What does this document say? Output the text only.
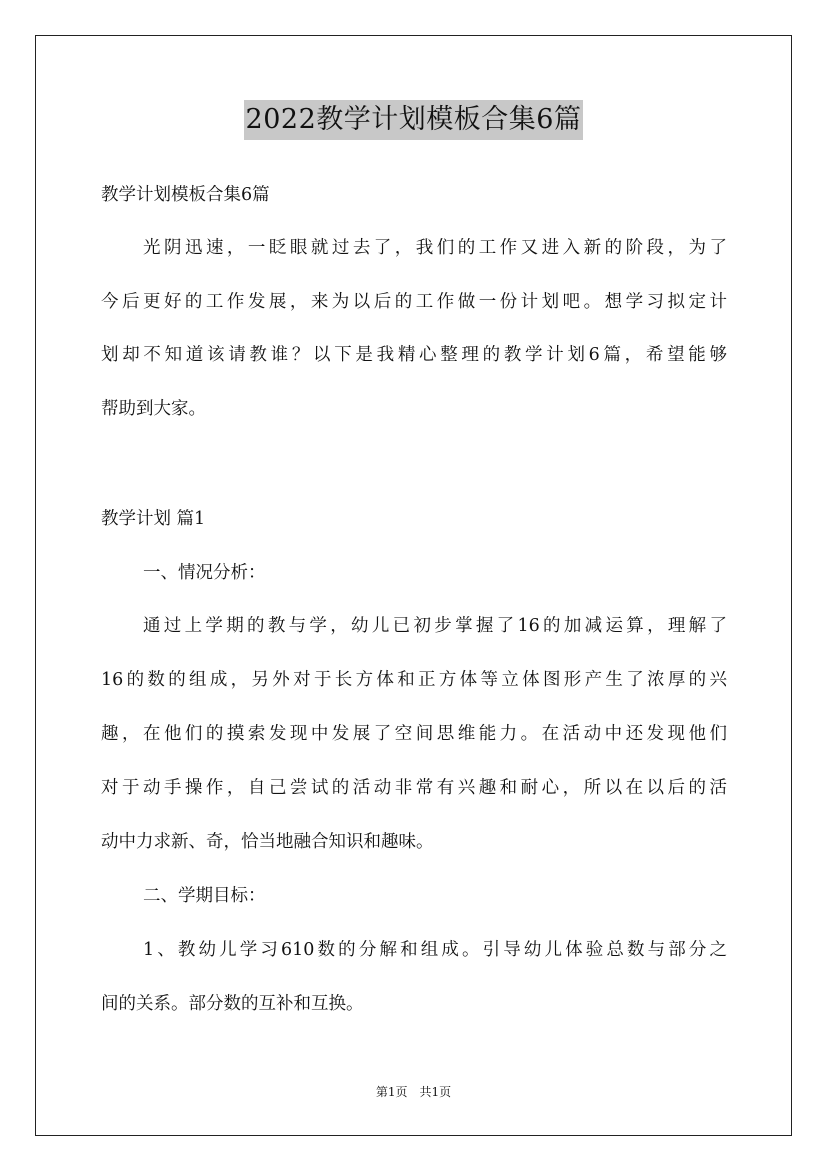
2022教学计划模板合集6篇
教学计划模板合集6篇
光阴迅速，一眨眼就过去了，我们的工作又进入新的阶段，为了
今后更好的工作发展，来为以后的工作做一份计划吧。想学习拟定计
划却不知道该请教谁？以下是我精心整理的教学计划6篇，希望能够
帮助到大家。
教学计划 篇1
一、情况分析：
通过上学期的教与学，幼儿已初步掌握了16的加减运算，理解了
16的数的组成，另外对于长方体和正方体等立体图形产生了浓厚的兴
趣，在他们的摸索发现中发展了空间思维能力。在活动中还发现他们
对于动手操作，自己尝试的活动非常有兴趣和耐心，所以在以后的活
动中力求新、奇，恰当地融合知识和趣味。
二、学期目标：
1、教幼儿学习610数的分解和组成。引导幼儿体验总数与部分之
间的关系。部分数的互补和互换。
第1页 共1页
